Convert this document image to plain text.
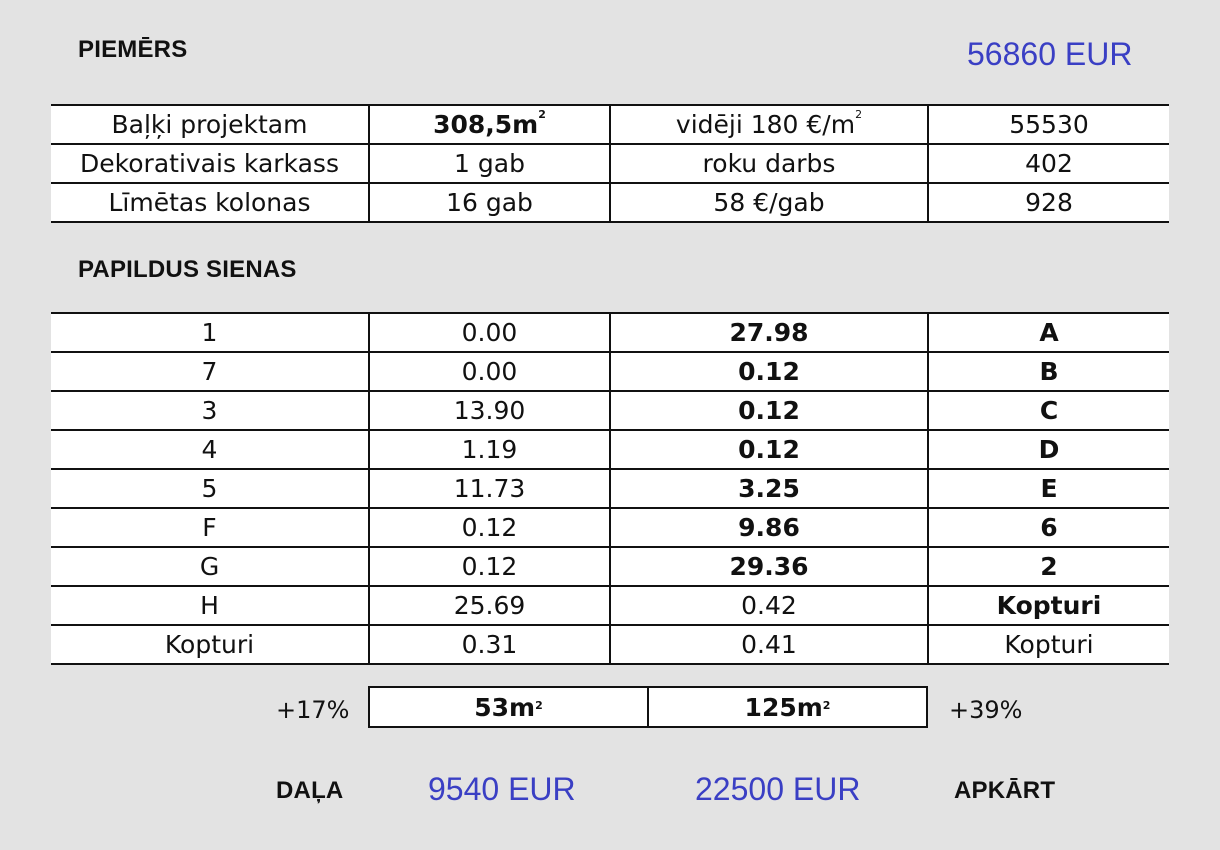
PIEMĒRS	56860 EUR
Baļķi projektam	$308,5m^2$	vidēji 180 $€/m^2$	55530
Dekorativais karkass	1 gab	roku darbs	402
Līmētas kolonas	16 gab	58 €/gab	928
PAPILDUS SIENAS
1	0.00	27.98	A
7	0.00	0.12	B
3	13.90	0.12	C
4	1.19	0.12	D
5	11.73	3.25	E
F	0.12	9.86	6
G	0.12	29.36	2
H	25.69	0.42	Kopturi
Kopturi	0.31	0.41	Kopturi
+17%	$53m^2$	$125m^2$	+39%
DAĻA	9540 EUR	22500 EUR	APKĀRT
